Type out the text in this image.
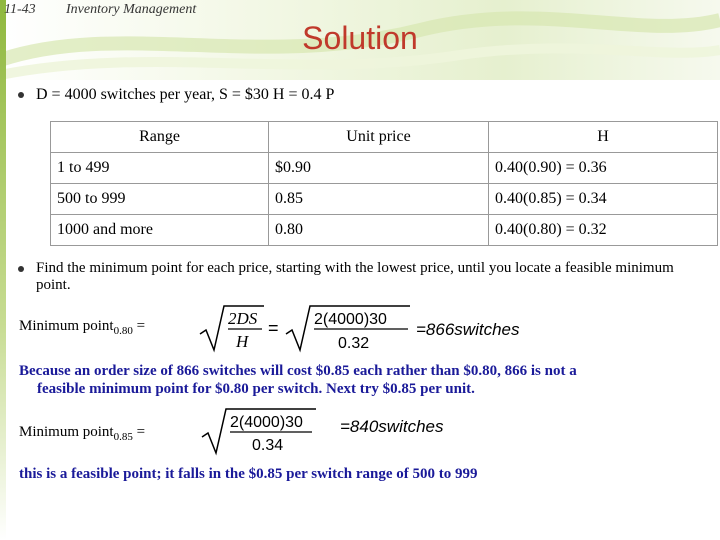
11-43 Inventory Management
Solution
D = 4000 switches per year, S = $30 H = 0.4 P
Range	Unit price	H
1 to 499	$0.90	0.40(0.90) = 0.36
500 to 999	0.85	0.40(0.85) = 0.34
1000 and more	0.80	0.40(0.80) = 0.32
Find the minimum point for each price, starting with the lowest price, until you locate a feasible minimum point.
Minimum point$_{0.80}$ =	2DS
H
= 2(4000)30
0.32
=866switches
Because an order size of 866 switches will cost $0.85 each rather than $0.80, 866 is not a
feasible minimum point for $0.80 per switch. Next try $0.85 per unit.
Minimum point$_{0.85}$ =
2(4000)30
0.34
=840switches
this is a feasible point; it falls in the $0.85 per switch range of 500 to 999
